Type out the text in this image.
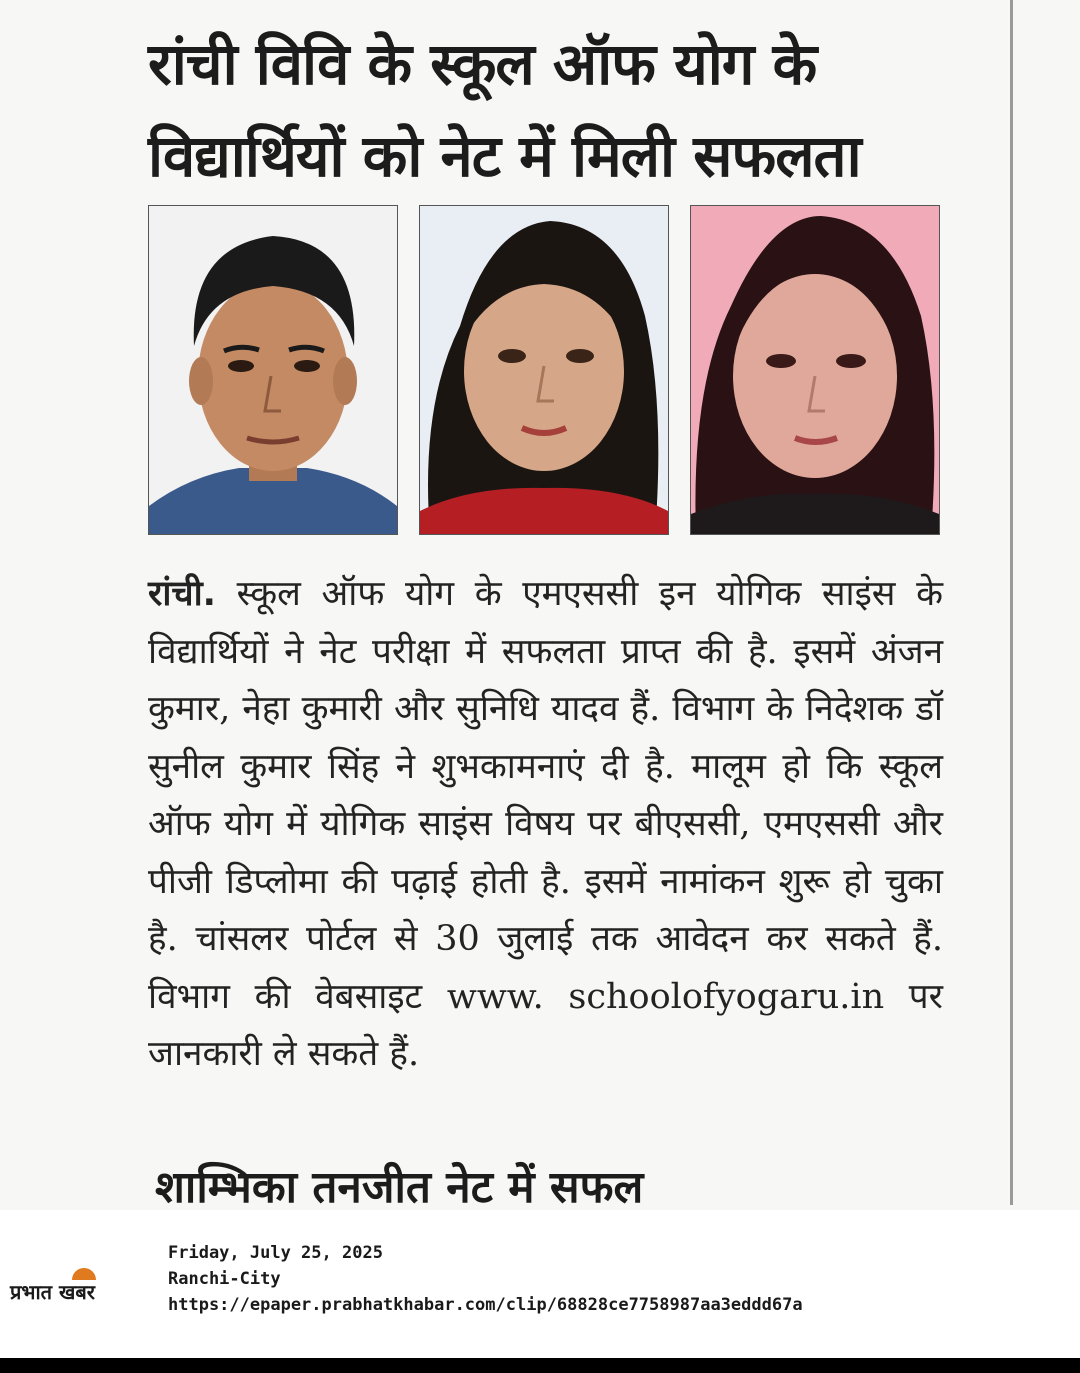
रांची विवि के स्कूल ऑफ योग के विद्यार्थियों को नेट में मिली सफलता

रांची. स्कूल ऑफ योग के एमएससी इन योगिक साइंस के विद्यार्थियों ने नेट परीक्षा में सफलता प्राप्त की है. इसमें अंजन कुमार, नेहा कुमारी और सुनिधि यादव हैं. विभाग के निदेशक डॉ सुनील कुमार सिंह ने शुभकामनाएं दी है. मालूम हो कि स्कूल ऑफ योग में योगिक साइंस विषय पर बीएससी, एमएससी और पीजी डिप्लोमा की पढ़ाई होती है. इसमें नामांकन शुरू हो चुका है. चांसलर पोर्टल से 30 जुलाई तक आवेदन कर सकते हैं. विभाग की वेबसाइट www. schoolofyogaru.in पर जानकारी ले सकते हैं.

शाम्भिका तनजीत नेट में सफल
प्रभात खबर
Friday, July 25, 2025
Ranchi-City
https://epaper.prabhatkhabar.com/clip/68828ce7758987aa3eddd67a
